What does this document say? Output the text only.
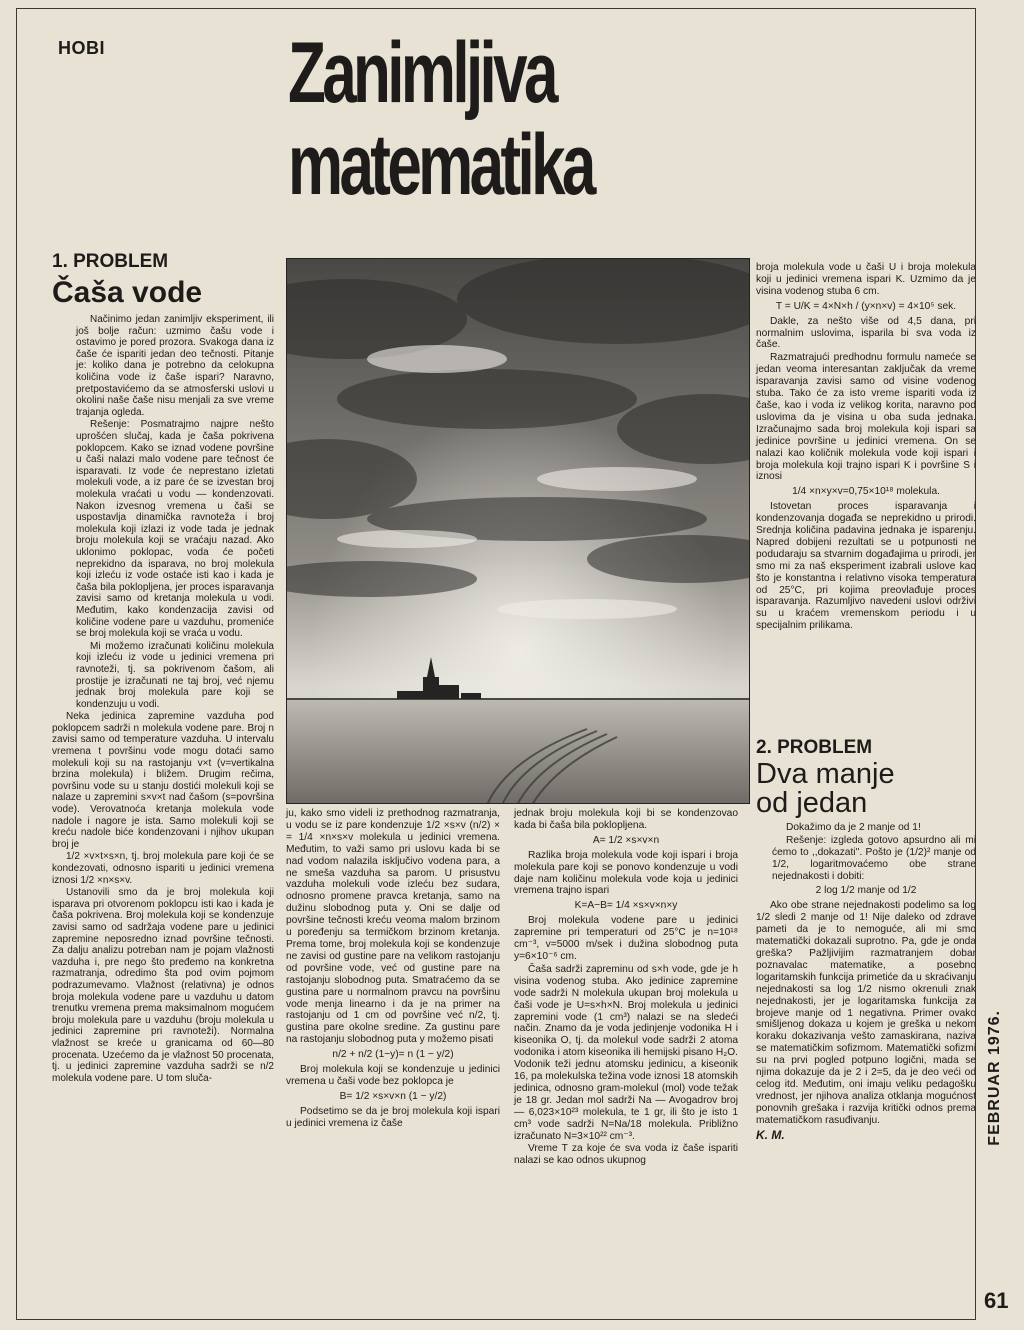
HOBI Zanimljiva
matematika
1. PROBLEM
Čaša vode

Načinimo jedan zanimljiv eksperiment, ili još bolje račun: uzmimo čašu vode i ostavimo je pored prozora. Svakoga dana iz čaše će ispariti jedan deo tečnosti. Pitanje je: koliko dana je potrebno da celokupna količina vode iz čaše ispari? Naravno, pretpostavićemo da se atmosferski uslovi u okolini naše čaše nisu menjali za sve vreme trajanja ogleda.

Rešenje: Posmatrajmo najpre nešto uprošćen slučaj, kada je čaša pokrivena poklopcem. Kako se iznad vodene površine u čaši nalazi malo vodene pare tečnost će isparavati. Iz vode će neprestano izletati molekuli vode, a iz pare će se izvestan broj molekula vraćati u vodu — kondenzovati. Nakon izvesnog vremena u čaši se uspostavlja dinamička ravnoteža i broj molekula koji izlazi iz vode tada je jednak broju molekula koji se vraćaju nazad. Ako uklonimo poklopac, voda će početi neprekidno da isparava, no broj molekula koji izleću iz vode ostaće isti kao i kada je čaša bila poklopljena, jer proces isparavanja zavisi samo od kretanja molekula u vodi. Međutim, kako kondenzacija zavisi od količine vodene pare u vazduhu, promeniće se broj molekula koji se vraća u vodu.

Mi možemo izračunati količinu molekula koji izleću iz vode u jedinici vremena pri ravnoteži, tj. sa pokrivenom čašom, ali prostije je izračunati ne taj broj, već njemu jednak broj molekula pare koji se kondenzuju u vodi.

Neka jedinica zapremine vazduha pod poklopcem sadrži n molekula vodene pare. Broj n zavisi samo od temperature vazduha. U intervalu vremena t površinu vode mogu dotaći samo molekuli koji su na rastojanju v×t (v=vertikalna brzina molekula) i bližem. Drugim rečima, površinu vode su u stanju dostići molekuli koji se nalaze u zapremini s×v×t nad čašom (s=površina vode). Verovatnoća kretanja molekula vode nadole i nagore je ista. Samo molekuli koji se kreću nadole biće kondenzovani i njihov ukupan broj je

1/2 ×v×t×s×n, tj. broj molekula pare koji će se kondezovati, odnosno ispariti u jedinici vremena iznosi 1/2 ×n×s×v.

Ustanovili smo da je broj molekula koji isparava pri otvorenom poklopcu isti kao i kada je čaša pokrivena. Broj molekula koji se kondenzuje zavisi samo od sadržaja vodene pare u jedinici zapremine neposredno iznad površine tečnosti. Za dalju analizu potreban nam je pojam vlažnosti vazduha i, pre nego što pređemo na konkretna razmatranja, odredimo šta pod ovim pojmom podrazumevamo. Vlažnost (relativna) je odnos broja molekula vodene pare u vazduhu u datom trenutku vremena prema maksimalnom mogućem broju molekula pare u vazduhu (broju molekula u jedinici zapremine pri ravnoteži). Normalna vlažnost se kreće u granicama od 60—80 procenata. Uzećemo da je vlažnost 50 procenata, tj. u jedinici zapremine vazduha sadrži se n/2 molekula vodene pare. U tom sluča-

ju, kako smo videli iz prethodnog razmatranja, u vodu se iz pare kondenzuje 1/2 ×s×v (n/2) × = 1/4 ×n×s×v molekula u jedinici vremena. Međutim, to važi samo pri uslovu kada bi se nad vodom nalazila isključivo vodena para, a ne smeša vazduha sa parom. U prisustvu vazduha molekuli vode izleću bez sudara, odnosno promene pravca kretanja, samo na dužinu slobodnog puta y. Oni se dalje od površine tečnosti kreću veoma malom brzinom u poređenju sa termičkom brzinom kretanja. Prema tome, broj molekula koji se kondenzuje ne zavisi od gustine pare na velikom rastojanju od površine vode, već od gustine pare na rastojanju slobodnog puta. Smatraćemo da se gustina pare u normalnom pravcu na površinu vode menja linearno i da je na primer na rastojanju od 1 cm od površine već n/2, tj. gustina pare okolne sredine. Za gustinu pare na rastojanju slobodnog puta y možemo pisati

n/2 + n/2 (1−y)= n (1 − y/2)

Broj molekula koji se kondenzuje u jedinici vremena u čaši vode bez poklopca je

B= 1/2 ×s×v×n (1 − y/2)

Podsetimo se da je broj molekula koji ispari u jedinici vremena iz čaše

jednak broju molekula koji bi se kondenzovao kada bi čaša bila poklopljena.

A= 1/2 ×s×v×n

Razlika broja molekula vode koji ispari i broja molekula pare koji se ponovo kondenzuje u vodi daje nam količinu molekula vode koja u jedinici vremena trajno ispari

K=A−B= 1/4 ×s×v×n×y

Broj molekula vodene pare u jedinici zapremine pri temperaturi od 25°C je n=10¹⁸ cm⁻³, v=5000 m/sek i dužina slobodnog puta y=6×10⁻⁶ cm.

Čaša sadrži zapreminu od s×h vode, gde je h visina vodenog stuba. Ako jedinice zapremine vode sadrži N molekula ukupan broj molekula u čaši vode je U=s×h×N. Broj molekula u jedinici zapremini vode (1 cm³) nalazi se na sledeći način. Znamo da je voda jedinjenje vodonika H i kiseonika O, tj. da molekul vode sadrži 2 atoma vodonika i atom kiseonika ili hemijski pisano H₂O. Vodonik teži jednu atomsku jedinicu, a kiseonik 16, pa molekulska težina vode iznosi 18 atomskih jedinica, odnosno gram-molekul (mol) vode težak je 18 gr. Jedan mol sadrži Na — Avogadrov broj — 6,023×10²³ molekula, te 1 gr, ili što je isto 1 cm³ vode sadrži N=Na/18 molekula. Približno izračunato N=3×10²² cm⁻³.

Vreme T za koje će sva voda iz čaše ispariti nalazi se kao odnos ukupnog

broja molekula vode u čaši U i broja molekula koji u jedinici vremena ispari K. Uzmimo da je visina vodenog stuba 6 cm.

T = U/K = 4×N×h / (y×n×v) = 4×10⁵ sek.

Dakle, za nešto više od 4,5 dana, pri normalnim uslovima, isparila bi sva voda iz čaše.

Razmatrajući predhodnu formulu nameće se jedan veoma interesantan zaključak da vreme isparavanja zavisi samo od visine vodenog stuba. Tako će za isto vreme ispariti voda iz čaše, kao i voda iz velikog korita, naravno pod uslovima da je visina u oba suda jednaka. Izračunajmo sada broj molekula koji ispari sa jedinice površine u jedinici vremena. On se nalazi kao količnik molekula vode koji ispari i broja molekula koji trajno ispari K i površine S i iznosi

1/4 ×n×y×v=0,75×10¹⁸ molekula.

Istovetan proces isparavanja i kondenzovanja događa se neprekidno u prirodi. Srednja količina padavina jednaka je isparenju. Napred dobijeni rezultati se u potpunosti ne podudaraju sa stvarnim događajima u prirodi, jer smo mi za naš eksperiment izabrali uslove kao što je konstantna i relativno visoka temperatura od 25°C, pri kojima preovlađuje proces isparavanja. Razumljivo navedeni uslovi održivi su u kraćem vremenskom periodu i u specijalnim prilikama.

2. PROBLEM
Dva manje
od jedan

Dokažimo da je 2 manje od 1!

Rešenje: izgleda gotovo apsurdno ali mi ćemo to ,,dokazati''. Pošto je (1/2)² manje od 1/2, logaritmovaćemo obe strane nejednakosti i dobiti:

2 log 1/2 manje od 1/2

Ako obe strane nejednakosti podelimo sa log 1/2 sledi 2 manje od 1! Nije daleko od zdrave pameti da je to nemoguće, ali mi smo matematički dokazali suprotno. Pa, gde je onda greška? Pažljivijim razmatranjem dobar poznavalac matematike, a posebno logaritamskih funkcija primetiće da u skraćivanju nejednakosti sa log 1/2 nismo okrenuli znak nejednakosti, jer je logaritamska funkcija za brojeve manje od 1 negativna. Primer ovako smišljenog dokaza u kojem je greška u nekom koraku dokazivanja vešto zamaskirana, naziva se matematičkim sofizmom. Matematički sofizmi su na prvi pogled potpuno logični, mada se njima dokazuje da je 2 i 2=5, da je deo veći od celog itd. Međutim, oni imaju veliku pedagošku vrednost, jer njihova analiza otklanja mogućnost ponovnih grešaka i razvija kritički odnos prema matematičkom rasuđivanju.

K. M.	FEBRUAR 1976.
61
